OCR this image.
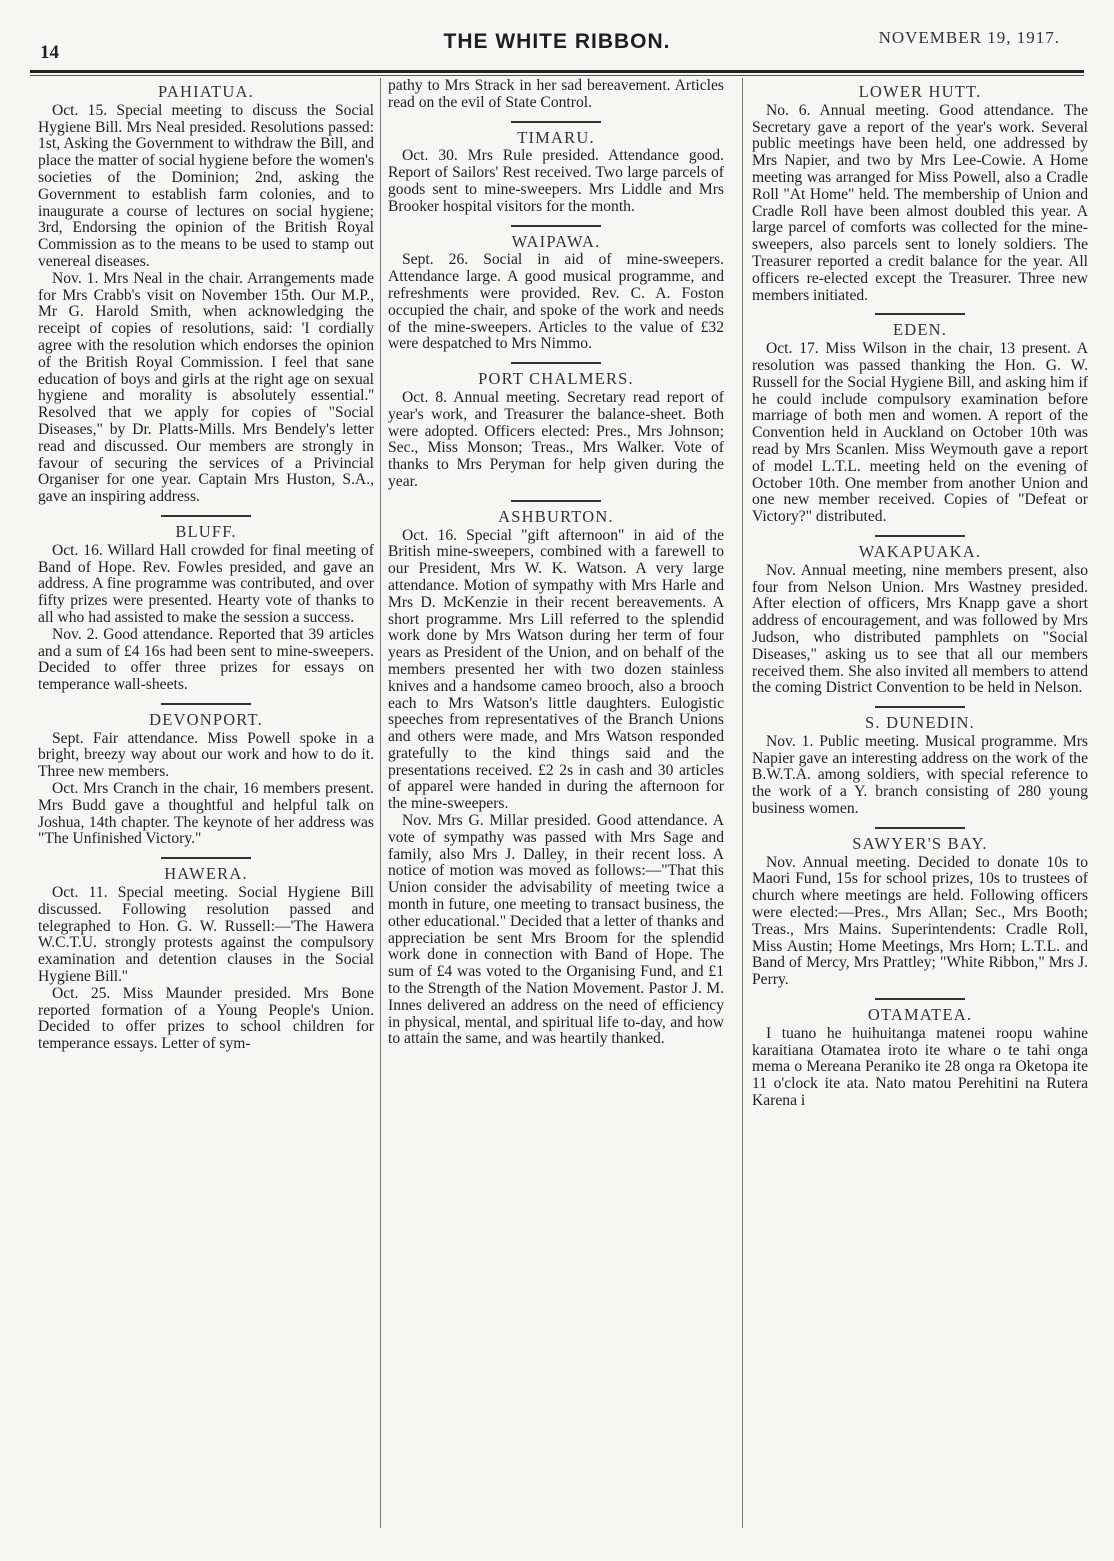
14	THE WHITE RIBBON.	NOVEMBER 19, 1917.
PAHIATUA.

Oct. 15. Special meeting to discuss the Social Hygiene Bill. Mrs Neal presided. Resolutions passed: 1st, Asking the Government to withdraw the Bill, and place the matter of social hygiene before the women's societies of the Dominion; 2nd, asking the Government to establish farm colonies, and to inaugurate a course of lectures on social hygiene; 3rd, Endorsing the opinion of the British Royal Commission as to the means to be used to stamp out venereal diseases.

Nov. 1. Mrs Neal in the chair. Arrangements made for Mrs Crabb's visit on November 15th. Our M.P., Mr G. Harold Smith, when acknowledging the receipt of copies of resolutions, said: 'I cordially agree with the resolution which endorses the opinion of the British Royal Commission. I feel that sane education of boys and girls at the right age on sexual hygiene and morality is absolutely essential.'' Resolved that we apply for copies of "Social Diseases," by Dr. Platts-Mills. Mrs Bendely's letter read and discussed. Our members are strongly in favour of securing the services of a Privincial Organiser for one year. Captain Mrs Huston, S.A., gave an inspiring address.

BLUFF.

Oct. 16. Willard Hall crowded for final meeting of Band of Hope. Rev. Fowles presided, and gave an address. A fine programme was contributed, and over fifty prizes were presented. Hearty vote of thanks to all who had assisted to make the session a success.

Nov. 2. Good attendance. Reported that 39 articles and a sum of £4 16s had been sent to mine-sweepers. Decided to offer three prizes for essays on temperance wall-sheets.

DEVONPORT.

Sept. Fair attendance. Miss Powell spoke in a bright, breezy way about our work and how to do it. Three new members.

Oct. Mrs Cranch in the chair, 16 members present. Mrs Budd gave a thoughtful and helpful talk on Joshua, 14th chapter. The keynote of her address was "The Unfinished Victory."

HAWERA.

Oct. 11. Special meeting. Social Hygiene Bill discussed. Following resolution passed and telegraphed to Hon. G. W. Russell:—'The Hawera W.C.T.U. strongly protests against the compulsory examination and detention clauses in the Social Hygiene Bill.''

Oct. 25. Miss Maunder presided. Mrs Bone reported formation of a Young People's Union. Decided to offer prizes to school children for temperance essays. Letter of sym-

pathy to Mrs Strack in her sad bereavement. Articles read on the evil of State Control.

TIMARU.

Oct. 30. Mrs Rule presided. Attendance good. Report of Sailors' Rest received. Two large parcels of goods sent to mine-sweepers. Mrs Liddle and Mrs Brooker hospital visitors for the month.

WAIPAWA.

Sept. 26. Social in aid of mine-sweepers. Attendance large. A good musical programme, and refreshments were provided. Rev. C. A. Foston occupied the chair, and spoke of the work and needs of the mine-sweepers. Articles to the value of £32 were despatched to Mrs Nimmo.

PORT CHALMERS.

Oct. 8. Annual meeting. Secretary read report of year's work, and Treasurer the balance-sheet. Both were adopted. Officers elected: Pres., Mrs Johnson; Sec., Miss Monson; Treas., Mrs Walker. Vote of thanks to Mrs Peryman for help given during the year.

ASHBURTON.

Oct. 16. Special "gift afternoon" in aid of the British mine-sweepers, combined with a farewell to our President, Mrs W. K. Watson. A very large attendance. Motion of sympathy with Mrs Harle and Mrs D. McKenzie in their recent bereavements. A short programme. Mrs Lill referred to the splendid work done by Mrs Watson during her term of four years as President of the Union, and on behalf of the members presented her with two dozen stainless knives and a handsome cameo brooch, also a brooch each to Mrs Watson's little daughters. Eulogistic speeches from representatives of the Branch Unions and others were made, and Mrs Watson responded gratefully to the kind things said and the presentations received. £2 2s in cash and 30 articles of apparel were handed in during the afternoon for the mine-sweepers.

Nov. Mrs G. Millar presided. Good attendance. A vote of sympathy was passed with Mrs Sage and family, also Mrs J. Dalley, in their recent loss. A notice of motion was moved as follows:—"That this Union consider the advisability of meeting twice a month in future, one meeting to transact business, the other educational." Decided that a letter of thanks and appreciation be sent Mrs Broom for the splendid work done in connection with Band of Hope. The sum of £4 was voted to the Organising Fund, and £1 to the Strength of the Nation Movement. Pastor J. M. Innes delivered an address on the need of efficiency in physical, mental, and spiritual life to-day, and how to attain the same, and was heartily thanked.

LOWER HUTT.

No. 6. Annual meeting. Good attendance. The Secretary gave a report of the year's work. Several public meetings have been held, one addressed by Mrs Napier, and two by Mrs Lee-Cowie. A Home meeting was arranged for Miss Powell, also a Cradle Roll "At Home" held. The membership of Union and Cradle Roll have been almost doubled this year. A large parcel of comforts was collected for the mine-sweepers, also parcels sent to lonely soldiers. The Treasurer reported a credit balance for the year. All officers re-elected except the Treasurer. Three new members initiated.

EDEN.

Oct. 17. Miss Wilson in the chair, 13 present. A resolution was passed thanking the Hon. G. W. Russell for the Social Hygiene Bill, and asking him if he could include compulsory examination before marriage of both men and women. A report of the Convention held in Auckland on October 10th was read by Mrs Scanlen. Miss Weymouth gave a report of model L.T.L. meeting held on the evening of October 10th. One member from another Union and one new member received. Copies of "Defeat or Victory?" distributed.

WAKAPUAKA.

Nov. Annual meeting, nine members present, also four from Nelson Union. Mrs Wastney presided. After election of officers, Mrs Knapp gave a short address of encouragement, and was followed by Mrs Judson, who distributed pamphlets on "Social Diseases," asking us to see that all our members received them. She also invited all members to attend the coming District Convention to be held in Nelson.

S. DUNEDIN.

Nov. 1. Public meeting. Musical programme. Mrs Napier gave an interesting address on the work of the B.W.T.A. among soldiers, with special reference to the work of a Y. branch consisting of 280 young business women.

SAWYER'S BAY.

Nov. Annual meeting. Decided to donate 10s to Maori Fund, 15s for school prizes, 10s to trustees of church where meetings are held. Following officers were elected:—Pres., Mrs Allan; Sec., Mrs Booth; Treas., Mrs Mains. Superintendents: Cradle Roll, Miss Austin; Home Meetings, Mrs Horn; L.T.L. and Band of Mercy, Mrs Prattley; "White Ribbon," Mrs J. Perry.

OTAMATEA.

I tuano he huihuitanga matenei roopu wahine karaitiana Otamatea iroto ite whare o te tahi onga mema o Mereana Peraniko ite 28 onga ra Oketopa ite 11 o'clock ite ata. Nato matou Perehitini na Rutera Karena i
